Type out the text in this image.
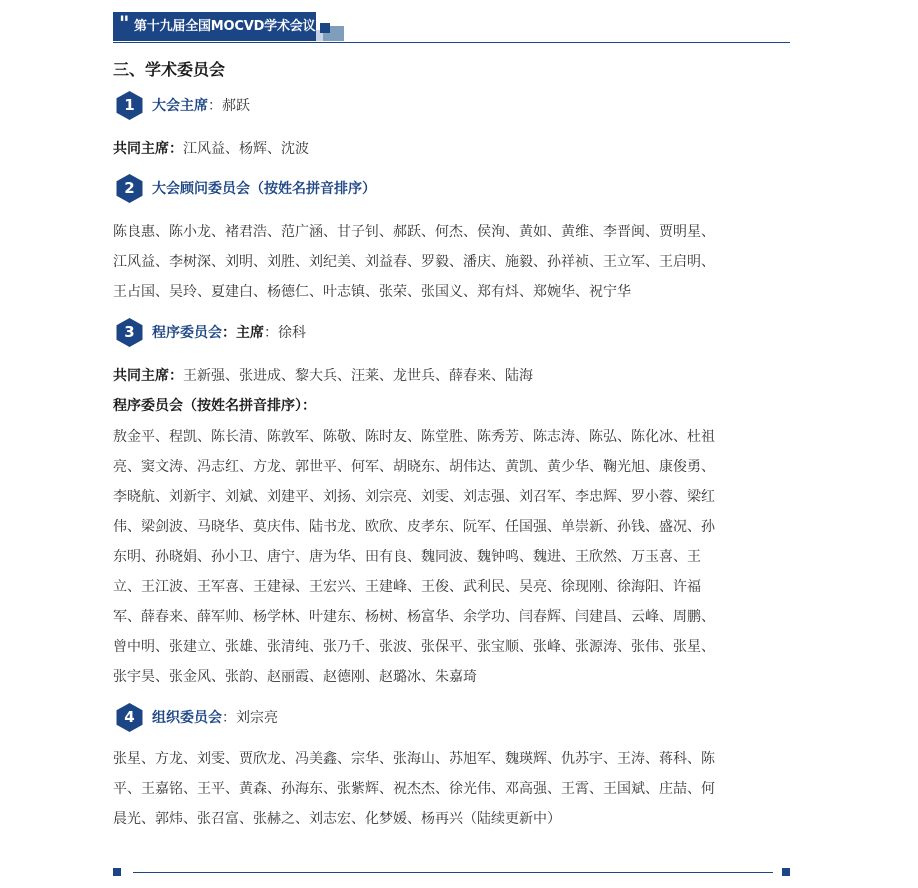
" 第十九届全国MOCVD学术会议
三、学术委员会
1	大会主席：郝跃
共同主席：江风益、杨辉、沈波
2	大会顾问委员会（按姓名拼音排序）
陈良惠、陈小龙、褚君浩、范广涵、甘子钊、郝跃、何杰、侯洵、黄如、黄维、李晋闽、贾明星、
江风益、李树深、刘明、刘胜、刘纪美、刘益春、罗毅、潘庆、施毅、孙祥祯、王立军、王启明、
王占国、吴玲、夏建白、杨德仁、叶志镇、张荣、张国义、郑有炓、郑婉华、祝宁华
3	程序委员会：主席：徐科
共同主席：王新强、张进成、黎大兵、汪莱、龙世兵、薛春来、陆海
程序委员会（按姓名拼音排序）：
敖金平、程凯、陈长清、陈敦军、陈敬、陈时友、陈堂胜、陈秀芳、陈志涛、陈弘、陈化冰、杜祖
亮、窦文涛、冯志红、方龙、郭世平、何军、胡晓东、胡伟达、黄凯、黄少华、鞠光旭、康俊勇、
李晓航、刘新宇、刘斌、刘建平、刘扬、刘宗亮、刘雯、刘志强、刘召军、李忠辉、罗小蓉、梁红
伟、梁剑波、马晓华、莫庆伟、陆书龙、欧欣、皮孝东、阮军、任国强、单崇新、孙钱、盛况、孙
东明、孙晓娟、孙小卫、唐宁、唐为华、田有良、魏同波、魏钟鸣、魏进、王欣然、万玉喜、王
立、王江波、王军喜、王建禄、王宏兴、王建峰、王俊、武利民、吴亮、徐现刚、徐海阳、许福
军、薛春来、薛军帅、杨学林、叶建东、杨树、杨富华、余学功、闫春辉、闫建昌、云峰、周鹏、
曾中明、张建立、张雄、张清纯、张乃千、张波、张保平、张宝顺、张峰、张源涛、张伟、张星、
张宇昊、张金风、张韵、赵丽霞、赵德刚、赵璐冰、朱嘉琦
4	组织委员会：刘宗亮
张星、方龙、刘雯、贾欣龙、冯美鑫、宗华、张海山、苏旭军、魏瑛辉、仇苏宇、王涛、蒋科、陈
平、王嘉铭、王平、黄森、孙海东、张紫辉、祝杰杰、徐光伟、邓高强、王霄、王国斌、庄喆、何
晨光、郭炜、张召富、张赫之、刘志宏、化梦媛、杨再兴（陆续更新中）
